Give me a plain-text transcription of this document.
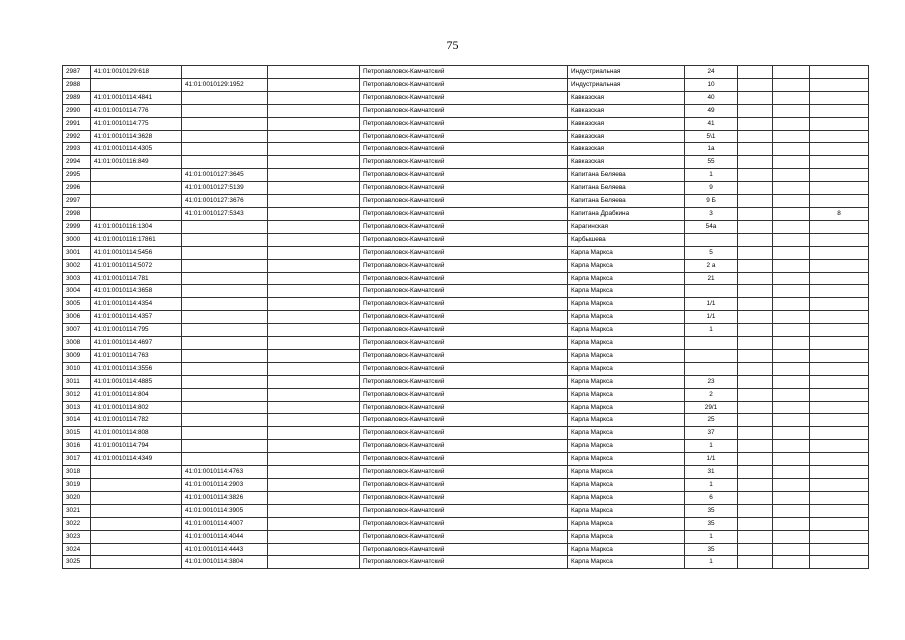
75
2987	41:01:0010129:618			Петропавловск-Камчатский	Индустриальная	24			
2988		41:01:0010129:1952		Петропавловск-Камчатский	Индустриальная	10			
2989	41:01:0010114:4841			Петропавловск-Камчатский	Кавказская	40			
2990	41:01:0010114:776			Петропавловск-Камчатский	Кавказская	49			
2991	41:01:0010114:775			Петропавловск-Камчатский	Кавказская	41			
2992	41:01:0010114:3628			Петропавловск-Камчатский	Кавказская	5\1			
2993	41:01:0010114:4305			Петропавловск-Камчатский	Кавказская	1а			
2994	41:01:0010116:849			Петропавловск-Камчатский	Кавказская	55			
2995		41:01:0010127:3645		Петропавловск-Камчатский	Капитана Беляева	1			
2996		41:01:0010127:5139		Петропавловск-Камчатский	Капитана Беляева	9			
2997		41:01:0010127:3676		Петропавловск-Камчатский	Капитана Беляева	9 Б			
2998		41:01:0010127:5343		Петропавловск-Камчатский	Капитана Драбкина	3			8
2999	41:01:0010116:1304			Петропавловск-Камчатский	Карагинская	54а			
3000	41:01:0010116:17861			Петропавловск-Камчатский	Карбышева				
3001	41:01:0010114:5456			Петропавловск-Камчатский	Карла Маркса	5			
3002	41:01:0010114:5072			Петропавловск-Камчатский	Карла Маркса	2 а			
3003	41:01:0010114:781			Петропавловск-Камчатский	Карла Маркса	21			
3004	41:01:0010114:3658			Петропавловск-Камчатский	Карла Маркса				
3005	41:01:0010114:4354			Петропавловск-Камчатский	Карла Маркса	1/1			
3006	41:01:0010114:4357			Петропавловск-Камчатский	Карла Маркса	1/1			
3007	41:01:0010114:795			Петропавловск-Камчатский	Карла Маркса	1			
3008	41:01:0010114:4697			Петропавловск-Камчатский	Карла Маркса				
3009	41:01:0010114:763			Петропавловск-Камчатский	Карла Маркса				
3010	41:01:0010114:3556			Петропавловск-Камчатский	Карла Маркса				
3011	41:01:0010114:4885			Петропавловск-Камчатский	Карла Маркса	23			
3012	41:01:0010114:804			Петропавловск-Камчатский	Карла Маркса	2			
3013	41:01:0010114:802			Петропавловск-Камчатский	Карла Маркса	29/1			
3014	41:01:0010114:782			Петропавловск-Камчатский	Карла Маркса	25			
3015	41:01:0010114:808			Петропавловск-Камчатский	Карла Маркса	37			
3016	41:01:0010114:794			Петропавловск-Камчатский	Карла Маркса	1			
3017	41:01:0010114:4349			Петропавловск-Камчатский	Карла Маркса	1/1			
3018		41:01:0010114:4763		Петропавловск-Камчатский	Карла Маркса	31			
3019		41:01:0010114:2903		Петропавловск-Камчатский	Карла Маркса	1			
3020		41:01:0010114:3826		Петропавловск-Камчатский	Карла Маркса	6			
3021		41:01:0010114:3905		Петропавловск-Камчатский	Карла Маркса	35			
3022		41:01:0010114:4007		Петропавловск-Камчатский	Карла Маркса	35			
3023		41:01:0010114:4044		Петропавловск-Камчатский	Карла Маркса	1			
3024		41:01:0010114:4443		Петропавловск-Камчатский	Карла Маркса	35			
3025		41:01:0010114:3804		Петропавловск-Камчатский	Карла Маркса	1			
